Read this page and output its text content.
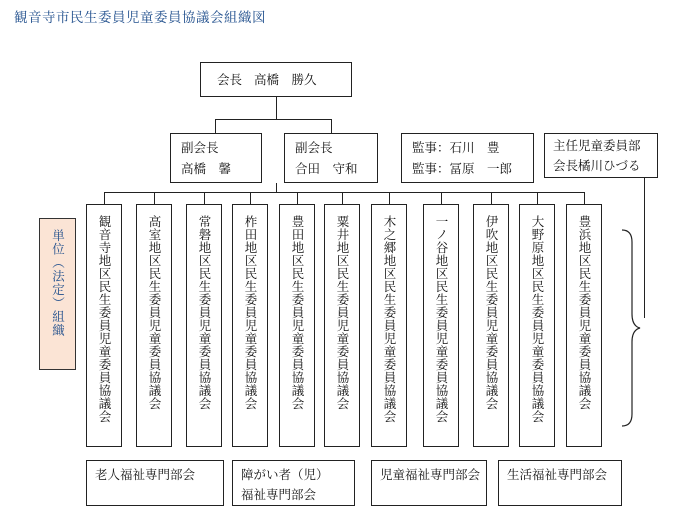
観音寺市民生委員児童委員協議会組織図
会長 高橋　勝久
副会長
高橋　馨
副会長
合田　守和
監事：石川　豊
監事：冨原　一郎
主任児童委員部
会長橘川ひづる
単位（法定）組織	観音寺地区民生委員児童委員協議会	高室地区民生委員児童委員協議会	常磐地区民生委員児童委員協議会 柞田地区民生委員児童委員協議会	豊田地区民生委員児童委員協議会 粟井地区民生委員児童委員協議会	木之郷地区民生委員児童委員協議会	一ノ谷地区民生委員児童委員協議会	伊吹地区民生委員児童委員協議会 大野原地区民生委員児童委員協議会	豊浜地区民生委員児童委員協議会
老人福祉専門部会	障がい者（児）
福祉専門部会
児童福祉専門部会	生活福祉専門部会
